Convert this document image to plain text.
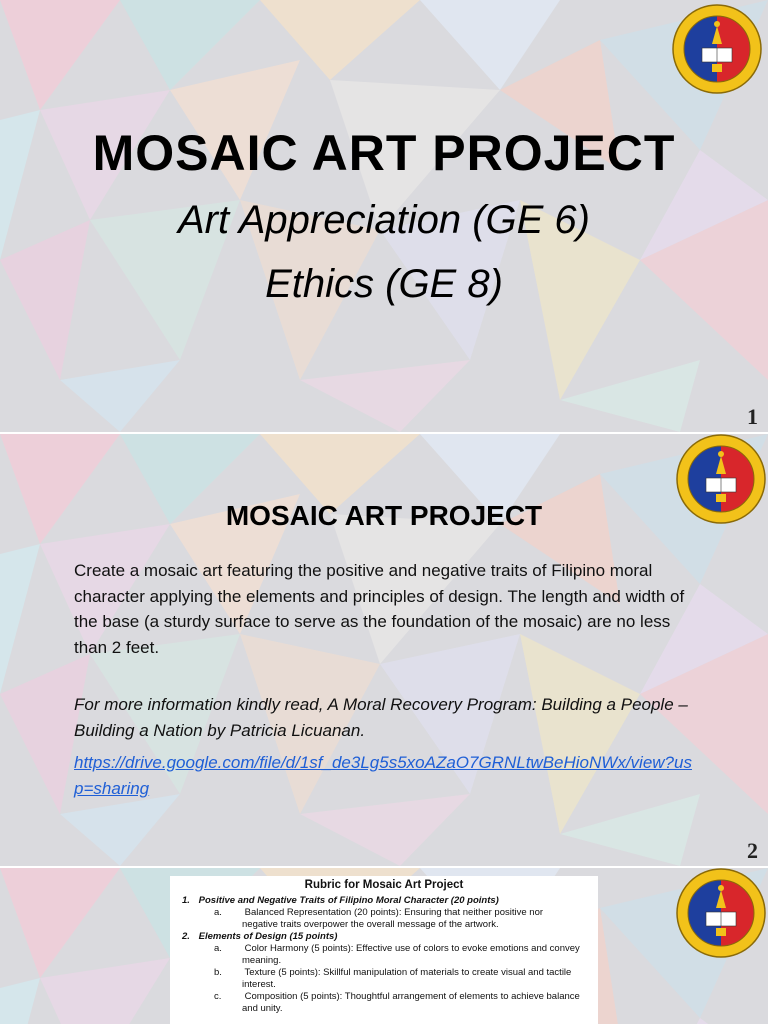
MOSAIC ART PROJECT

Art Appreciation (GE 6)

Ethics (GE 8)

1
MOSAIC ART PROJECT

Create a mosaic art featuring the positive and negative traits of Filipino moral character applying the elements and principles of design. The length and width of the base (a sturdy surface to serve as the foundation of the mosaic) are no less than 2 feet.

For more information kindly read, A Moral Recovery Program: Building a People – Building a Nation by Patricia Licuanan.

https://drive.google.com/file/d/1sf_de3Lg5s5xoAZaO7GRNLtwBeHioNWx/view?usp=sharing
2
Rubric for Mosaic Art Project
1. Positive and Negative Traits of Filipino Moral Character (20 points)
a. Balanced Representation (20 points): Ensuring that neither positive nor negative traits overpower the overall message of the artwork.
2. Elements of Design (15 points)
a. Color Harmony (5 points): Effective use of colors to evoke emotions and convey meaning.
b. Texture (5 points): Skillful manipulation of materials to create visual and tactile interest.
c. Composition (5 points): Thoughtful arrangement of elements to achieve balance and unity.
